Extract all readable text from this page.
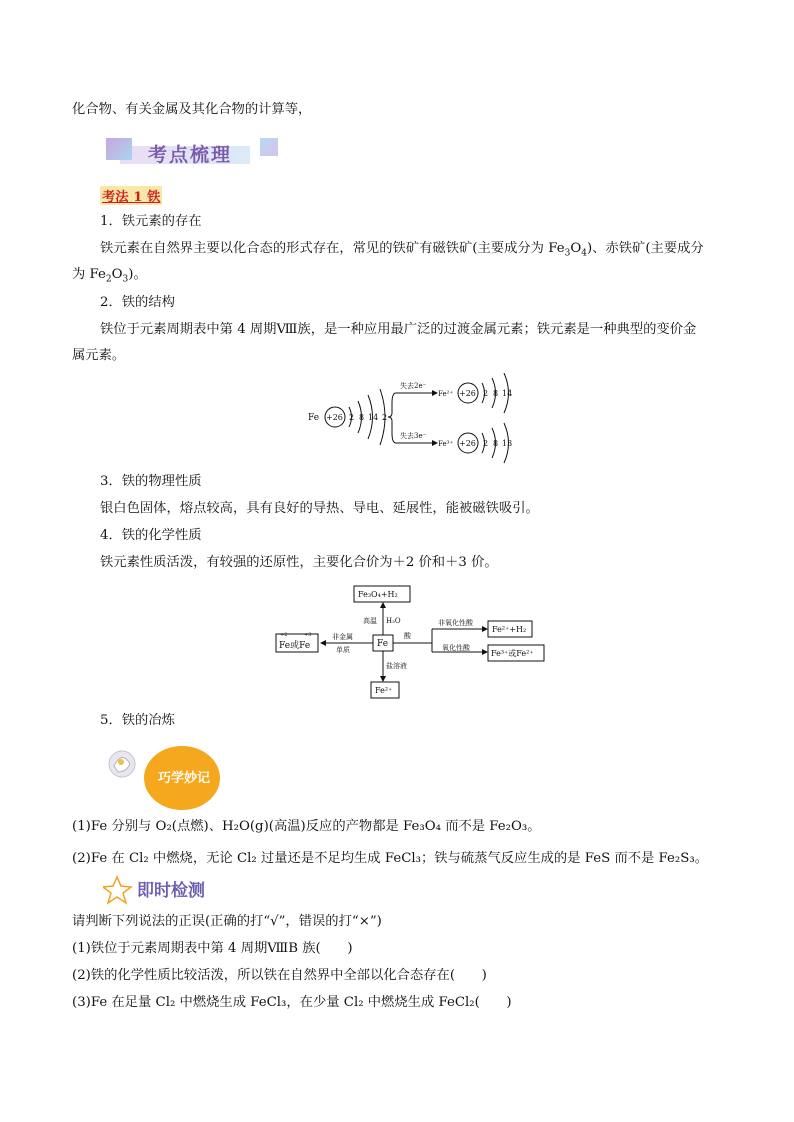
化合物、有关金属及其化合物的计算等，
考点梳理
考法 1 铁
1．铁元素的存在
铁元素在自然界主要以化合态的形式存在，常见的铁矿有磁铁矿(主要成分为 $Fe_3O_4$)、赤铁矿(主要成分
为 $Fe_2O_3$)。
2．铁的结构
铁位于元素周期表中第 4 周期Ⅷ族，是一种应用最广泛的过渡金属元素；铁元素是一种典型的变价金
属元素。
Fe +26 2 8 14 2
失去2e⁻
Fe²⁺ +26 2 8 14
失去3e⁻
Fe³⁺ +26 2 8 13
3．铁的物理性质
银白色固体，熔点较高，具有良好的导热、导电、延展性，能被磁铁吸引。
4．铁的化学性质
铁元素性质活泼，有较强的还原性，主要化合价为＋2 价和＋3 价。
Fe
Fe₃O₄+H₂
高温 H₂O
+2	+3
Fe或Fe
非金属
单质
酸
非氧化性酸
氧化性酸
Fe²⁺+H₂
Fe³⁺或Fe²⁺
盐溶液
Fe²⁺
5．铁的冶炼
巧学妙记
(1)Fe 分别与 O₂(点燃)、H₂O(g)(高温)反应的产物都是 Fe₃O₄ 而不是 Fe₂O₃。
(2)Fe 在 Cl₂ 中燃烧，无论 Cl₂ 过量还是不足均生成 FeCl₃；铁与硫蒸气反应生成的是 FeS 而不是 Fe₂S₃。
即时检测
请判断下列说法的正误(正确的打“√”，错误的打“×”)
(1)铁位于元素周期表中第 4 周期ⅧB 族(　　)
(2)铁的化学性质比较活泼，所以铁在自然界中全部以化合态存在(　　)
(3)Fe 在足量 Cl₂ 中燃烧生成 FeCl₃，在少量 Cl₂ 中燃烧生成 FeCl₂(　　)
